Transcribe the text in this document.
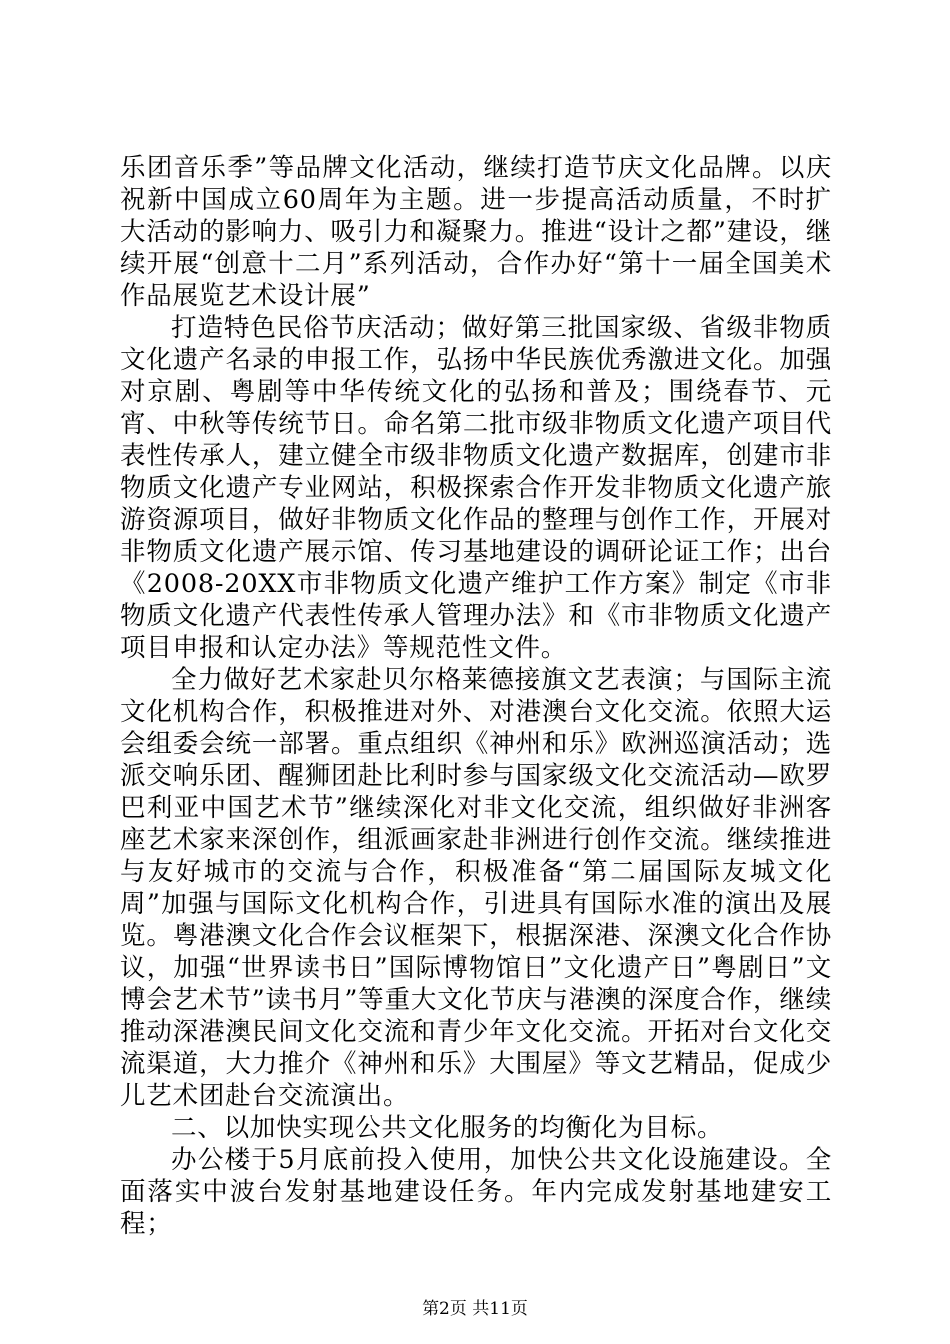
乐团音乐季”等品牌文化活动，继续打造节庆文化品牌。以庆祝新中国成立60周年为主题。进一步提高活动质量，不时扩大活动的影响力、吸引力和凝聚力。推进“设计之都”建设，继续开展“创意十二月”系列活动，合作办好“第十一届全国美术作品展览艺术设计展”

打造特色民俗节庆活动；做好第三批国家级、省级非物质文化遗产名录的申报工作，弘扬中华民族优秀激进文化。加强对京剧、粤剧等中华传统文化的弘扬和普及；围绕春节、元宵、中秋等传统节日。命名第二批市级非物质文化遗产项目代表性传承人，建立健全市级非物质文化遗产数据库，创建市非物质文化遗产专业网站，积极探索合作开发非物质文化遗产旅游资源项目，做好非物质文化作品的整理与创作工作，开展对非物质文化遗产展示馆、传习基地建设的调研论证工作；出台《2008-20XX市非物质文化遗产维护工作方案》制定《市非物质文化遗产代表性传承人管理办法》和《市非物质文化遗产项目申报和认定办法》等规范性文件。

全力做好艺术家赴贝尔格莱德接旗文艺表演；与国际主流文化机构合作，积极推进对外、对港澳台文化交流。依照大运会组委会统一部署。重点组织《神州和乐》欧洲巡演活动；选派交响乐团、醒狮团赴比利时参与国家级文化交流活动—欧罗巴利亚中国艺术节”继续深化对非文化交流，组织做好非洲客座艺术家来深创作，组派画家赴非洲进行创作交流。继续推进与友好城市的交流与合作，积极准备“第二届国际友城文化周”加强与国际文化机构合作，引进具有国际水准的演出及展览。粤港澳文化合作会议框架下，根据深港、深澳文化合作协议，加强“世界读书日”国际博物馆日”文化遗产日”粤剧日”文博会艺术节”读书月”等重大文化节庆与港澳的深度合作，继续推动深港澳民间文化交流和青少年文化交流。开拓对台文化交流渠道，大力推介《神州和乐》大围屋》等文艺精品，促成少儿艺术团赴台交流演出。

二、以加快实现公共文化服务的均衡化为目标。

办公楼于5月底前投入使用，加快公共文化设施建设。全面落实中波台发射基地建设任务。年内完成发射基地建安工程；

第2页 共11页
